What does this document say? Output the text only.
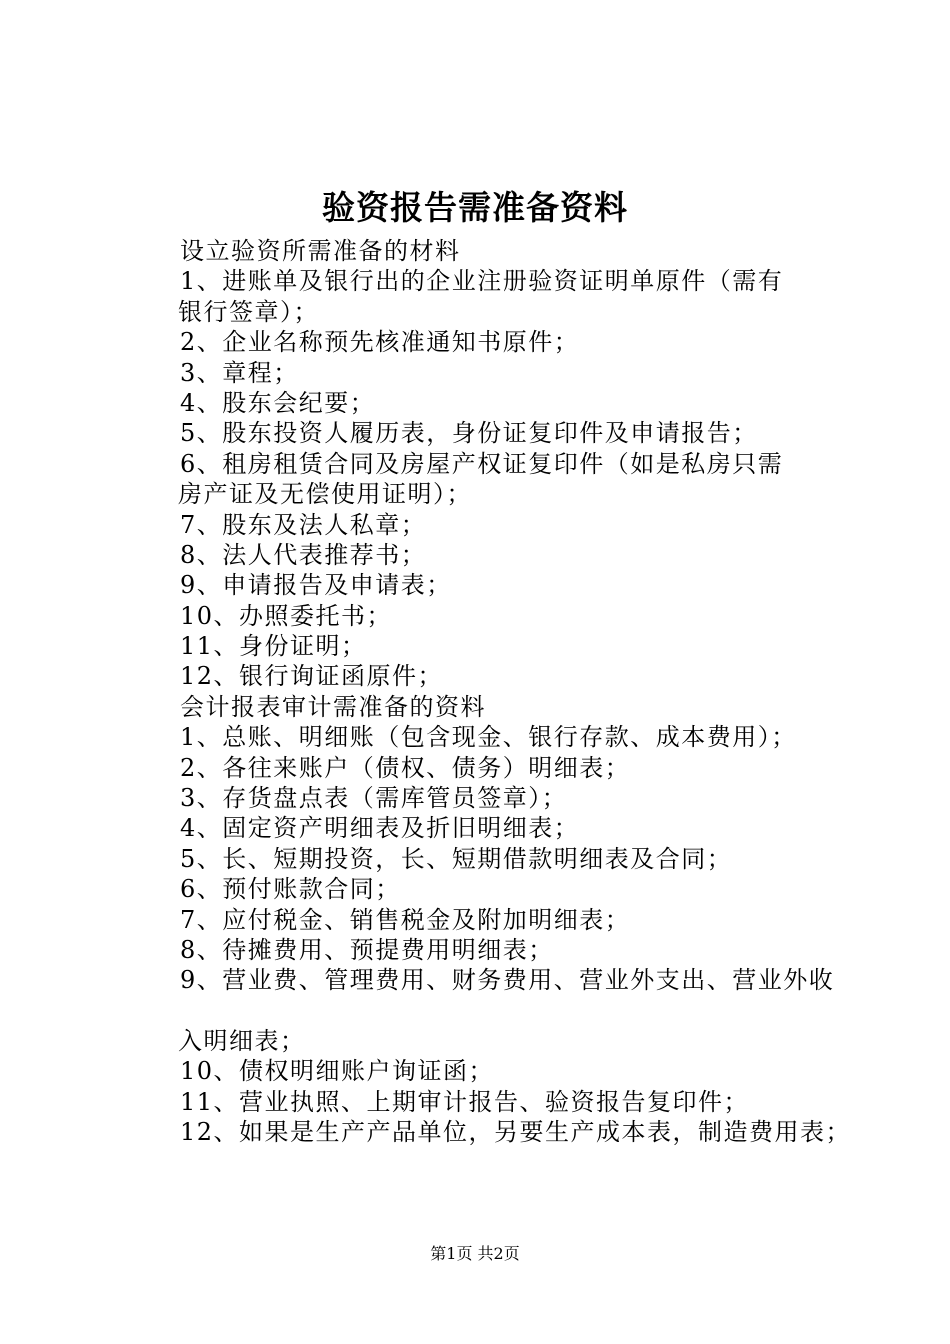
验资报告需准备资料
设立验资所需准备的材料
1、进账单及银行出的企业注册验资证明单原件（需有
银行签章）；
2、企业名称预先核准通知书原件；
3、章程；
4、股东会纪要；
5、股东投资人履历表，身份证复印件及申请报告；
6、租房租赁合同及房屋产权证复印件（如是私房只需
房产证及无偿使用证明）；
7、股东及法人私章；
8、法人代表推荐书；
9、申请报告及申请表；
10、办照委托书；
11、身份证明；
12、银行询证函原件；
会计报表审计需准备的资料
1、总账、明细账（包含现金、银行存款、成本费用）；
2、各往来账户（债权、债务）明细表；
3、存货盘点表（需库管员签章）；
4、固定资产明细表及折旧明细表；
5、长、短期投资，长、短期借款明细表及合同；
6、预付账款合同；
7、应付税金、销售税金及附加明细表；
8、待摊费用、预提费用明细表；
9、营业费、管理费用、财务费用、营业外支出、营业外收
入明细表；
10、债权明细账户询证函；
11、营业执照、上期审计报告、验资报告复印件；
12、如果是生产产品单位，另要生产成本表，制造费用表；
第1页 共2页
